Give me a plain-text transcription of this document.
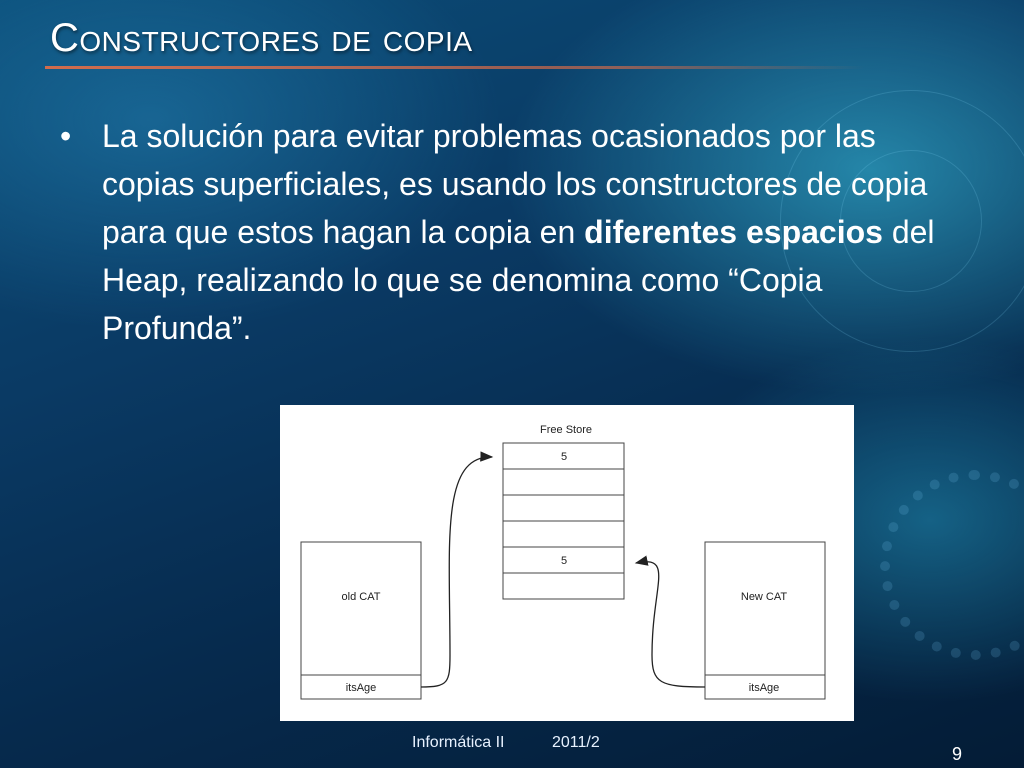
Constructores de copia
• La solución para evitar problemas ocasionados por las copias superficiales, es usando los constructores de copia para que estos hagan la copia en diferentes espacios del Heap, realizando lo que se denomina como “Copia Profunda”.
Free Store
5
5
old CAT
itsAge
New CAT
itsAge
Informática II	2011/2
9
